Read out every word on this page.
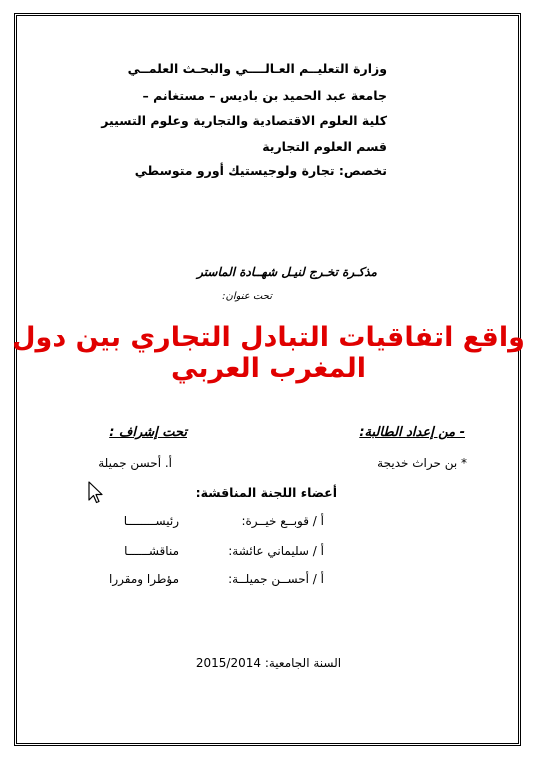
وزارة التعليــم العـالــــي والبحـث العلمــي
جامعة عبد الحميد بن باديس – مستغانم –
كلية العلوم الاقتصادية والتجارية وعلوم التسيير
قسم العلوم التجارية
تخصص: تجارة ولوجيستيك أورو متوسطي
مذكـرة تخـرج لنيـل شهــادة الماستر
تحت عنوان:
واقع اتفاقيات التبادل التجاري بين دول المغرب العربي
- من إعداد الطالبة:
تحت إشراف :
* بن حراث خديجة
أ. أحسن جميلة
أعضاء اللجنة المناقشة:
أ / قوبــع خيــرة:
رئيســــــــا
أ / سليماني عائشة:
مناقشــــــا
أ / أحســن جميلــة:
مؤطرا ومقررا
السنة الجامعية: 2015/2014
